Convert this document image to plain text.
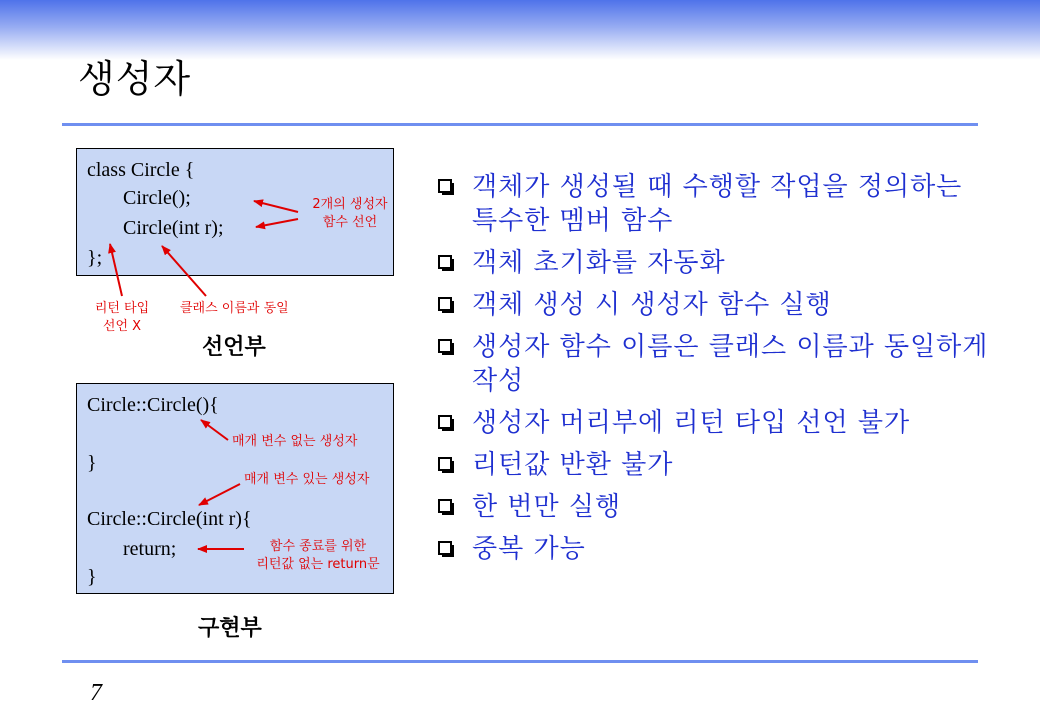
생성자
class Circle {
Circle();
Circle(int r);
};
2개의 생성자
함수 선언
리턴 타입
선언 X
클래스 이름과 동일
선언부
Circle::Circle(){
}
Circle::Circle(int r){
return;
}
매개 변수 없는 생성자
매개 변수 있는 생성자
함수 종료를 위한
리턴값 없는 return문
구현부
객체가 생성될 때 수행할 작업을 정의하는 특수한 멤버 함수
객체 초기화를 자동화
객체 생성 시 생성자 함수 실행
생성자 함수 이름은 클래스 이름과 동일하게 작성
생성자 머리부에 리턴 타입 선언 불가
리턴값 반환 불가
한 번만 실행
중복 가능
7
